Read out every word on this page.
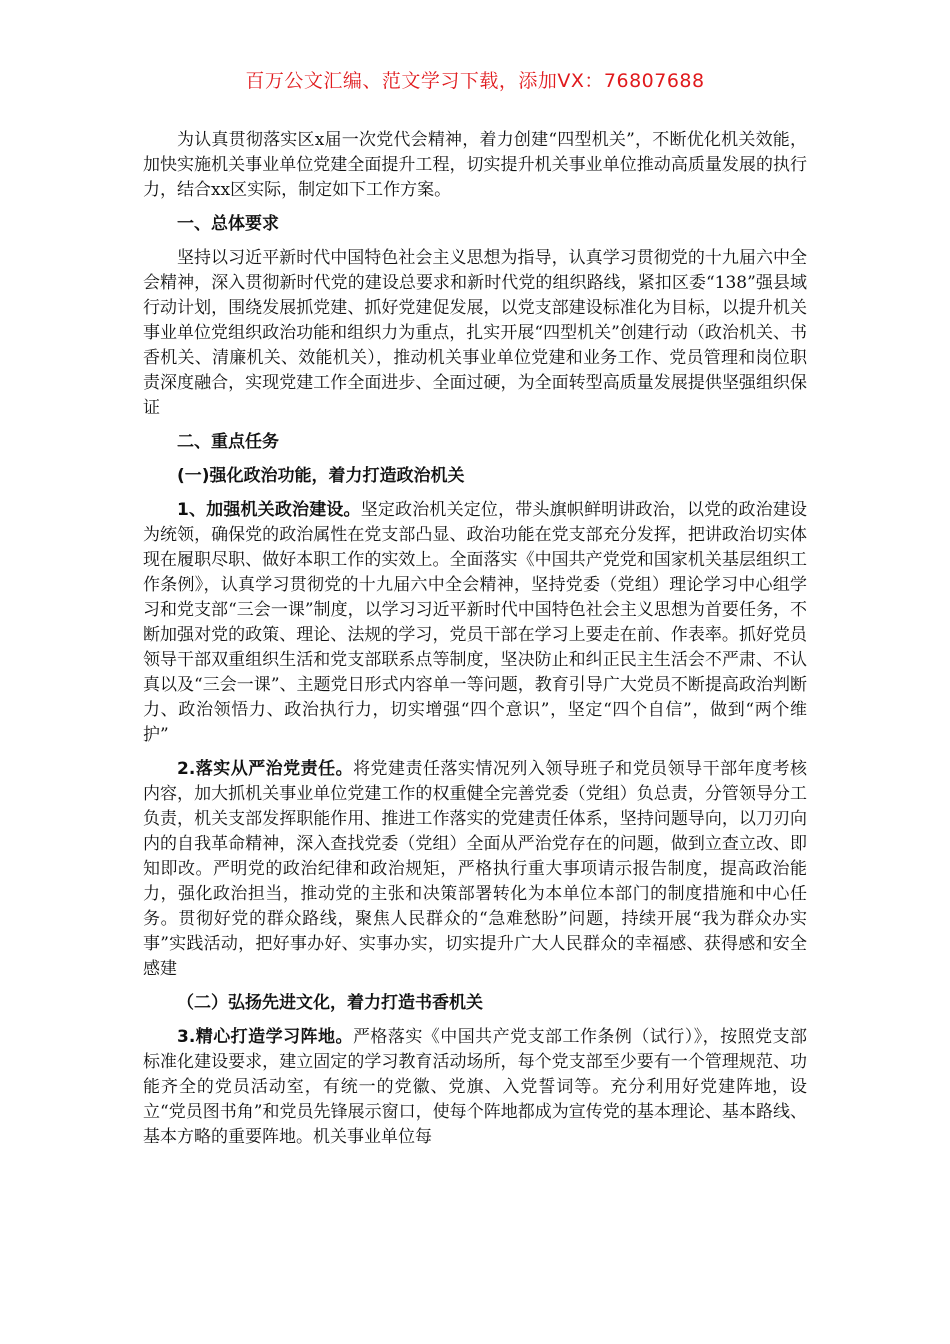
百万公文汇编、范文学习下载，添加VX：76807688

为认真贯彻落实区x届一次党代会精神，着力创建“四型机关”，不断优化机关效能，加快实施机关事业单位党建全面提升工程，切实提升机关事业单位推动高质量发展的执行力，结合xx区实际，制定如下工作方案。

一、总体要求

坚持以习近平新时代中国特色社会主义思想为指导，认真学习贯彻党的十九届六中全会精神，深入贯彻新时代党的建设总要求和新时代党的组织路线，紧扣区委“138”强县域行动计划，围绕发展抓党建、抓好党建促发展，以党支部建设标准化为目标，以提升机关事业单位党组织政治功能和组织力为重点，扎实开展“四型机关”创建行动（政治机关、书香机关、清廉机关、效能机关），推动机关事业单位党建和业务工作、党员管理和岗位职责深度融合，实现党建工作全面进步、全面过硬，为全面转型高质量发展提供坚强组织保证

二、重点任务

(一)强化政治功能，着力打造政治机关

1、加强机关政治建设。坚定政治机关定位，带头旗帜鲜明讲政治，以党的政治建设为统领，确保党的政治属性在党支部凸显、政治功能在党支部充分发挥，把讲政治切实体现在履职尽职、做好本职工作的实效上。全面落实《中国共产党党和国家机关基层组织工作条例》，认真学习贯彻党的十九届六中全会精神，坚持党委（党组）理论学习中心组学习和党支部“三会一课”制度，以学习习近平新时代中国特色社会主义思想为首要任务，不断加强对党的政策、理论、法规的学习，党员干部在学习上要走在前、作表率。抓好党员领导干部双重组织生活和党支部联系点等制度，坚决防止和纠正民主生活会不严肃、不认真以及“三会一课”、主题党日形式内容单一等问题，教育引导广大党员不断提高政治判断力、政治领悟力、政治执行力，切实增强“四个意识”，坚定“四个自信”，做到“两个维护”

2.落实从严治党责任。将党建责任落实情况列入领导班子和党员领导干部年度考核内容，加大抓机关事业单位党建工作的权重健全完善党委（党组）负总责，分管领导分工负责，机关支部发挥职能作用、推进工作落实的党建责任体系，坚持问题导向，以刀刃向内的自我革命精神，深入查找党委（党组）全面从严治党存在的问题，做到立查立改、即知即改。严明党的政治纪律和政治规矩，严格执行重大事项请示报告制度，提高政治能力，强化政治担当，推动党的主张和决策部署转化为本单位本部门的制度措施和中心任务。贯彻好党的群众路线，聚焦人民群众的“急难愁盼”问题，持续开展“我为群众办实事”实践活动，把好事办好、实事办实，切实提升广大人民群众的幸福感、获得感和安全感建

（二）弘扬先进文化，着力打造书香机关

3.精心打造学习阵地。严格落实《中国共产党支部工作条例（试行）》，按照党支部标准化建设要求，建立固定的学习教育活动场所，每个党支部至少要有一个管理规范、功能齐全的党员活动室，有统一的党徽、党旗、入党誓词等。充分利用好党建阵地，设立“党员图书角”和党员先锋展示窗口，使每个阵地都成为宣传党的基本理论、基本路线、基本方略的重要阵地。机关事业单位每
